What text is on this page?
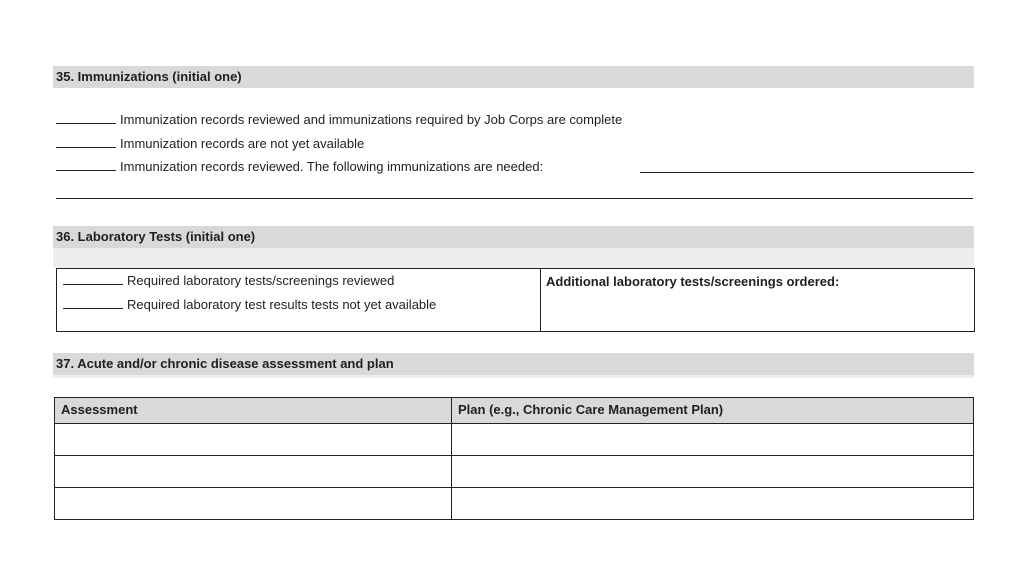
35. Immunizations (initial one)
Immunization records reviewed and immunizations required by Job Corps are complete
Immunization records are not yet available
Immunization records reviewed. The following immunizations are needed:
36. Laboratory Tests (initial one)
Required laboratory tests/screenings reviewed
Required laboratory test results tests not yet available
Additional laboratory tests/screenings ordered:
37. Acute and/or chronic disease assessment and plan
Assessment	Plan (e.g., Chronic Care Management Plan)
